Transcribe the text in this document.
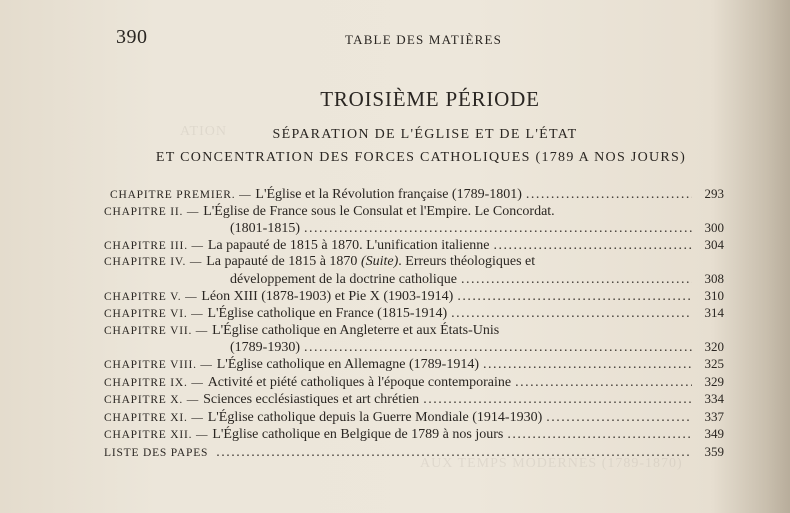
ATION
AUX TEMPS MODERNES (1789-1870)
390	TABLE DES MATIÈRES
TROISIÈME PÉRIODE
SÉPARATION DE L'ÉGLISE ET DE L'ÉTAT
ET CONCENTRATION DES FORCES CATHOLIQUES (1789 A NOS JOURS)
CHAPITRE PREMIER. — L'Église et la Révolution française (1789-1801) .....	293
CHAPITRE II. — L'Église de France sous le Consulat et l'Empire. Le Concordat.
(1801-1815) .....	300
CHAPITRE III. — La papauté de 1815 à 1870. L'unification italienne .....	304
CHAPITRE IV. — La papauté de 1815 à 1870 (Suite). Erreurs théologiques et
développement de la doctrine catholique .....	308
CHAPITRE V. — Léon XIII (1878-1903) et Pie X (1903-1914) .....	310
CHAPITRE VI. — L'Église catholique en France (1815-1914) .....	314
CHAPITRE VII. — L'Église catholique en Angleterre et aux États-Unis
(1789-1930) .....	320
CHAPITRE VIII. — L'Église catholique en Allemagne (1789-1914) .....	325
CHAPITRE IX. — Activité et piété catholiques à l'époque contemporaine .....	329
CHAPITRE X. — Sciences ecclésiastiques et art chrétien .....	334
CHAPITRE XI. — L'Église catholique depuis la Guerre Mondiale (1914-1930) .....	337
CHAPITRE XII. — L'Église catholique en Belgique de 1789 à nos jours .....	349
LISTE DES PAPES .....	359
